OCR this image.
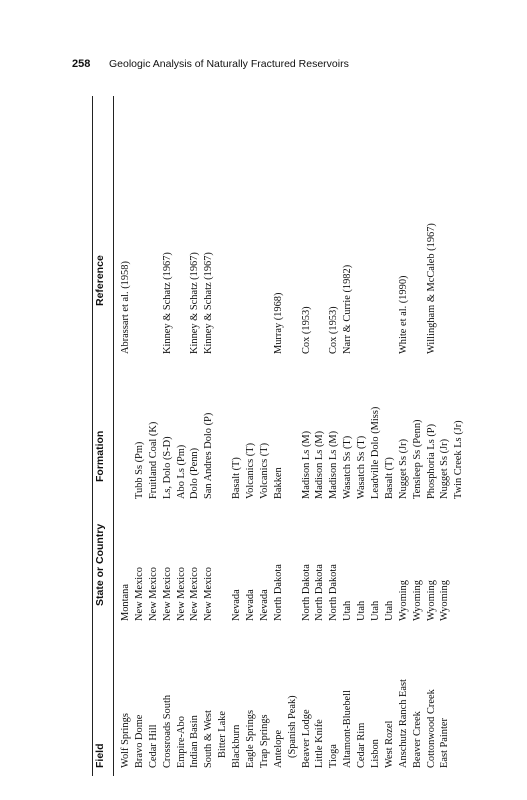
258 Geologic Analysis of Naturally Fractured Reservoirs
Field
State or Country
Formation
Reference
Wolf Springs
Montana
Abrassart et al. (1958)
Bravo Dome
New Mexico
Tubb Ss (Pm)
Cedar Hill
New Mexico
Fruitland Coal (K)
Crossroads South
New Mexico
Ls, Dolo (S-D)
Kinney & Schatz (1967)
Empire-Abo
New Mexico
Abo Ls (Pm)
Indian Basin
New Mexico
Dolo (Penn)
Kinney & Schatz (1967)
South & West
New Mexico
San Andres Dolo (P)
Kinney & Schatz (1967)
Bitter Lake Blackburn
Nevada
Basalt (T)
Eagle Springs
Nevada
Volcanics (T)
Trap Springs
Nevada
Volcanics (T)
Antelope
North Dakota
Bakken
Murray (1968)
(Spanish Peak) Beaver Lodge
North Dakota
Madison Ls (M)
Cox (1953)
Little Knife
North Dakota
Madison Ls (M)
Tioga
North Dakota
Madison Ls (M)
Cox (1953)
Altamont-Bluebell
Utah
Wasatch Ss (T)
Narr & Currie (1982)
Cedar Rim
Utah
Wasatch Ss (T)
Lisbon
Utah
Leadville Dolo (Miss)
West Rozel
Utah
Basalt (T)
Anschutz Ranch East
Wyoming
Nugget Ss (Jr)
White et al. (1990)
Beaver Creek
Wyoming
Tensleep Ss (Penn)
Cottonwood Creek
Wyoming
Phosphoria Ls (P)
Willingham & McCaleb (1967)
East Painter
Wyoming
Nugget Ss (Jr) Twin Creek Ls (Jr)
